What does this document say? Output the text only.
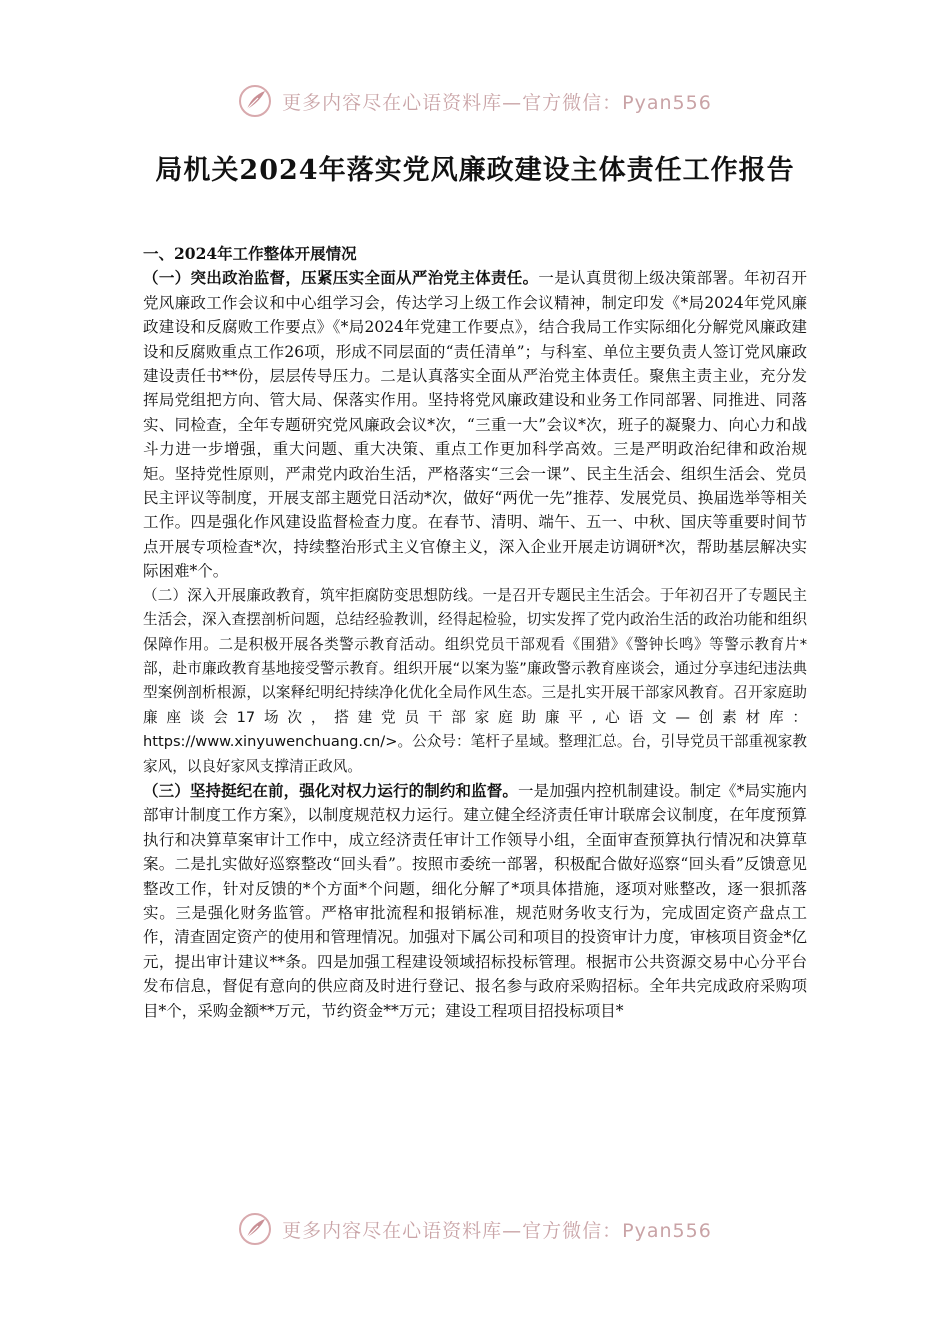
更多内容尽在心语资料库—官方微信：Pyan556
局机关2024年落实党风廉政建设主体责任工作报告

一、2024年工作整体开展情况

（一）突出政治监督，压紧压实全面从严治党主体责任。一是认真贯彻上级决策部署。年初召开党风廉政工作会议和中心组学习会，传达学习上级工作会议精神，制定印发《*局2024年党风廉政建设和反腐败工作要点》《*局2024年党建工作要点》，结合我局工作实际细化分解党风廉政建设和反腐败重点工作26项，形成不同层面的“责任清单”；与科室、单位主要负责人签订党风廉政建设责任书**份，层层传导压力。二是认真落实全面从严治党主体责任。聚焦主责主业，充分发挥局党组把方向、管大局、保落实作用。坚持将党风廉政建设和业务工作同部署、同推进、同落实、同检查，全年专题研究党风廉政会议*次，“三重一大”会议*次，班子的凝聚力、向心力和战斗力进一步增强，重大问题、重大决策、重点工作更加科学高效。三是严明政治纪律和政治规矩。坚持党性原则，严肃党内政治生活，严格落实“三会一课”、民主生活会、组织生活会、党员民主评议等制度，开展支部主题党日活动*次，做好“两优一先”推荐、发展党员、换届选举等相关工作。四是强化作风建设监督检查力度。在春节、清明、端午、五一、中秋、国庆等重要时间节点开展专项检查*次，持续整治形式主义官僚主义，深入企业开展走访调研*次，帮助基层解决实际困难*个。

（二）深入开展廉政教育，筑牢拒腐防变思想防线。一是召开专题民主生活会。于年初召开了专题民主生活会，深入查摆剖析问题，总结经验教训，经得起检验，切实发挥了党内政治生活的政治功能和组织保障作用。二是积极开展各类警示教育活动。组织党员干部观看《围猎》《警钟长鸣》等警示教育片*部，赴市廉政教育基地接受警示教育。组织开展“以案为鉴”廉政警示教育座谈会，通过分享违纪违法典型案例剖析根源，以案释纪明纪持续净化优化全局作风生态。三是扎实开展干部家风教育。召开家庭助廉座谈会17场次，搭建党员干部家庭助廉平,心语文—创素材库：https://www.xinyuwenchuang.cn/>。公众号：笔杆子星域。整理汇总。台，引导党员干部重视家教家风，以良好家风支撑清正政风。

（三）坚持挺纪在前，强化对权力运行的制约和监督。一是加强内控机制建设。制定《*局实施内部审计制度工作方案》，以制度规范权力运行。建立健全经济责任审计联席会议制度，在年度预算执行和决算草案审计工作中，成立经济责任审计工作领导小组，全面审查预算执行情况和决算草案。二是扎实做好巡察整改“回头看”。按照市委统一部署，积极配合做好巡察“回头看”反馈意见整改工作，针对反馈的*个方面*个问题，细化分解了*项具体措施，逐项对账整改，逐一狠抓落实。三是强化财务监管。严格审批流程和报销标准，规范财务收支行为，完成固定资产盘点工作，清查固定资产的使用和管理情况。加强对下属公司和项目的投资审计力度，审核项目资金*亿元，提出审计建议**条。四是加强工程建设领域招标投标管理。根据市公共资源交易中心分平台发布信息，督促有意向的供应商及时进行登记、报名参与政府采购招标。全年共完成政府采购项目*个，采购金额**万元，节约资金**万元；建设工程项目招投标项目*

更多内容尽在心语资料库—官方微信：Pyan556
